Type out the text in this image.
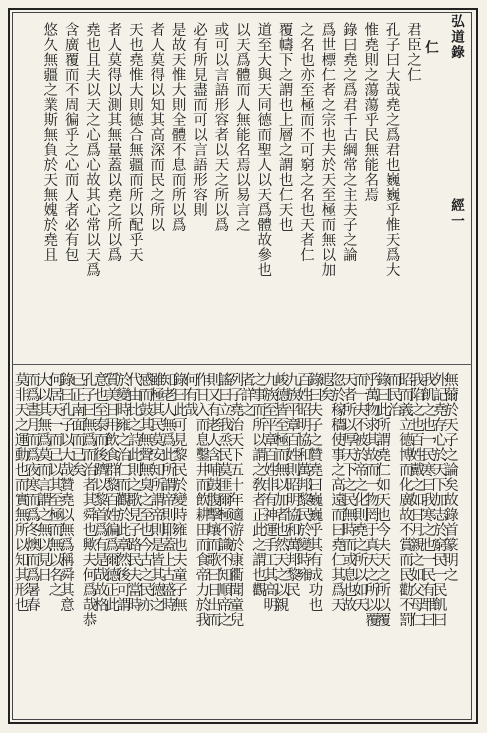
弘道錄
仁
經一
君臣之仁
孔子曰大哉堯之爲君也巍巍乎惟天爲大
惟堯則之蕩蕩乎民無能名焉
錄曰堯之爲君千古綱常之主夫子之論
爲世標仁者之宗也夫於天至極而無以加
之名也亦至極而不可窮之名也天者仁
覆幬下之謂也上層之謂也仁天也
道至大與天同德而聖人以天爲體故參也
以天爲體而人無能名焉以易言之
或可以言語形容者以天之所以爲
必有所見盡而可以言語形容則
是故天惟大則全體不息而所以爲
者人莫得以知其高深而民之所以
天也堯惟大則德合無疆而所以配乎天
者人莫得以測其無量蓋以堯之所以爲
堯也且夫以天之心爲心故其心常以天爲
含廣覆而不周徧乎之心而人者必有包
悠久無疆之業斯無負於天無媿於堯且
無薾於天子之論矣故錄首篆明之
外記堯存心於天下加志於窮民一民飢曰
我飢之也一民寒曰我寒之也一民有罪曰
我陷之也百姓戴之如日月親之如父母仁
昭而義立德博而化廣故不賞而民勸不罰
而民治
錄曰此所謂堯仁如天也今夫天之所以覆
乎萬物求其故而一物罔于真天之所以覆
而一夫不被於帝之化則堯之所以如天
天者所以厚天下之民無時而或息也故
忽於稼穡使事之高遠而曰堯仁其爲天
遐矣
錄曰夫子之贊堯曰巍巍乎其有成功也
百姓昭明協和萬邦黎民於變時雍
九族平章百姓則昭明協和萬邦黎民
峻德皆至極而無以加者也然天之以親
九族至平章百姓非有神運手工其高明
之事而所以謂之敎者正此之謂也觀
者詳之
列子堯治天下五十年適游於康衢聞童兒
謠曰立我烝民莫匪爾極不識不知順帝之
則又有老人含哺鼓腹擊壤而歌曰日出而
作日入而息鑿井而飲耕田而食帝力於我
何有哉
錄曰此可見黎民於變時雍也夫童子無
知老人無爲此所謂帝則耶蓋上古盛時
雖極其民莫安知所謂帝則是皆其德之
感而鼓其無聲無臭之至也今古之民亦
代由比之詩此則之歌見子路民夫當時
於變時雍之治仁而觀於此章然後可謂
質美日用飲食群黎百姓徧爲爾德正此
意也至泰而後躋以黎首爲有是哉故格
孔子曰無爲而治者其舜也歟夫何爲哉恭
已正南面而已矣
錄曰孔子以大哉贊堯以無爲稱舜其意
何居天一而已以其至極而無以名之
大以其無爲莫而言謂之無以見日
而爲晝月而爲夜寒而爲冬燠而爲暑春
莫非天之運動也而實無所以知其形也
